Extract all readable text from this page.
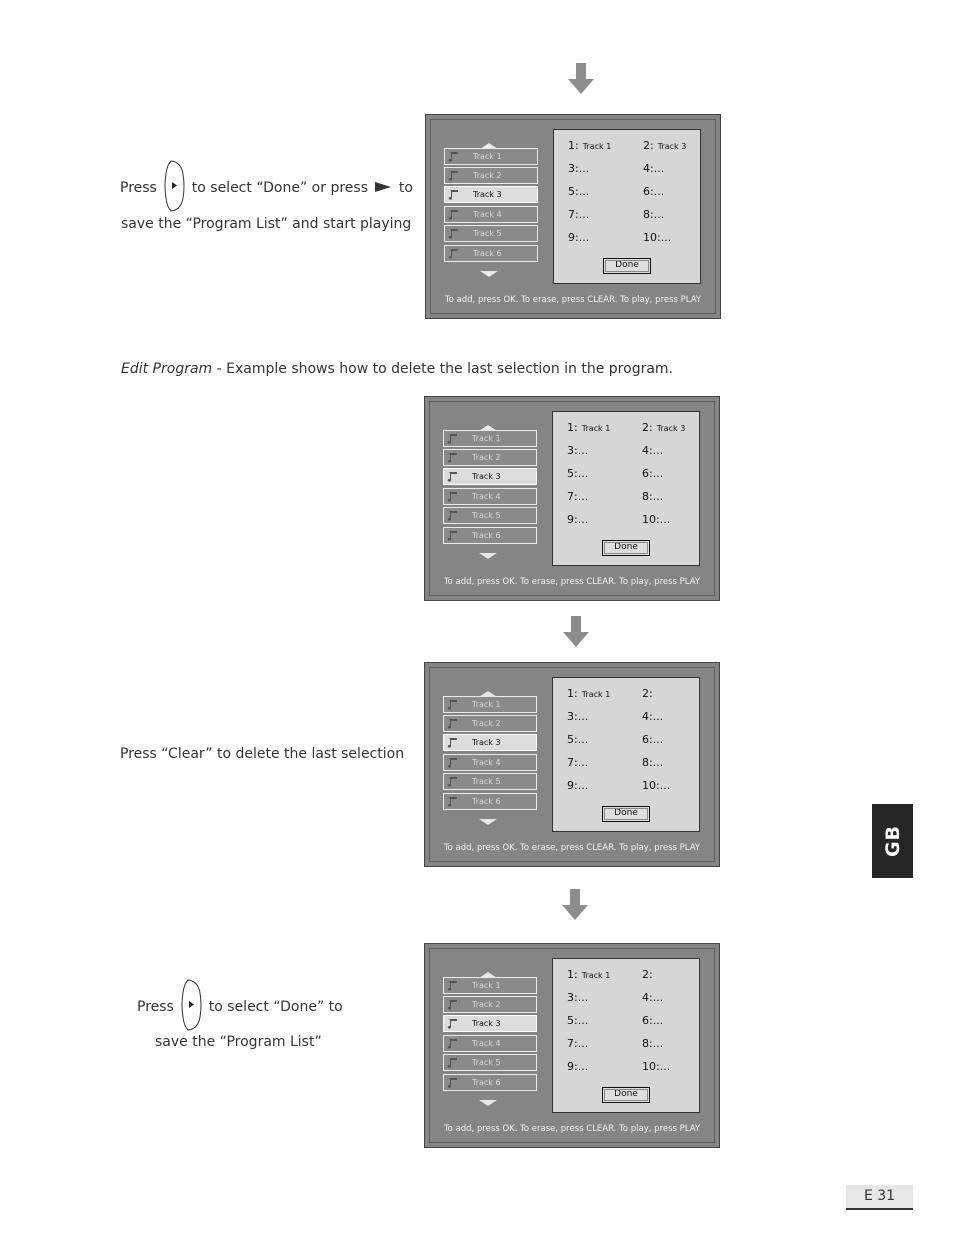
Press to select “Done” or press to
save the “Program List” and start playing
Edit Program - Example shows how to delete the last selection in the program.
Press “Clear” to delete the last selection
Press to select “Done” to
save the “Program List”
Track 1
Track 2
Track 3
Track 4
Track 5
Track 6
1: Track 1	2: Track 3
3:...	4:...
5:...	6:...
7:...	8:...
9:...	10:...
Done
To add, press OK. To erase, press CLEAR. To play, press PLAY
Track 1
Track 2
Track 3
Track 4
Track 5
Track 6
1: Track 1	2: Track 3
3:...	4:...
5:...	6:...
7:...	8:...
9:...	10:...
Done
To add, press OK. To erase, press CLEAR. To play, press PLAY
Track 1
Track 2
Track 3
Track 4
Track 5
Track 6
1: Track 1	2:
3:...	4:...
5:...	6:...
7:...	8:...
9:...	10:...
Done
To add, press OK. To erase, press CLEAR. To play, press PLAY
Track 1
Track 2
Track 3
Track 4
Track 5
Track 6
1: Track 1	2:
3:...	4:...
5:...	6:...
7:...	8:...
9:...	10:...
Done
To add, press OK. To erase, press CLEAR. To play, press PLAY
GB
E 31
